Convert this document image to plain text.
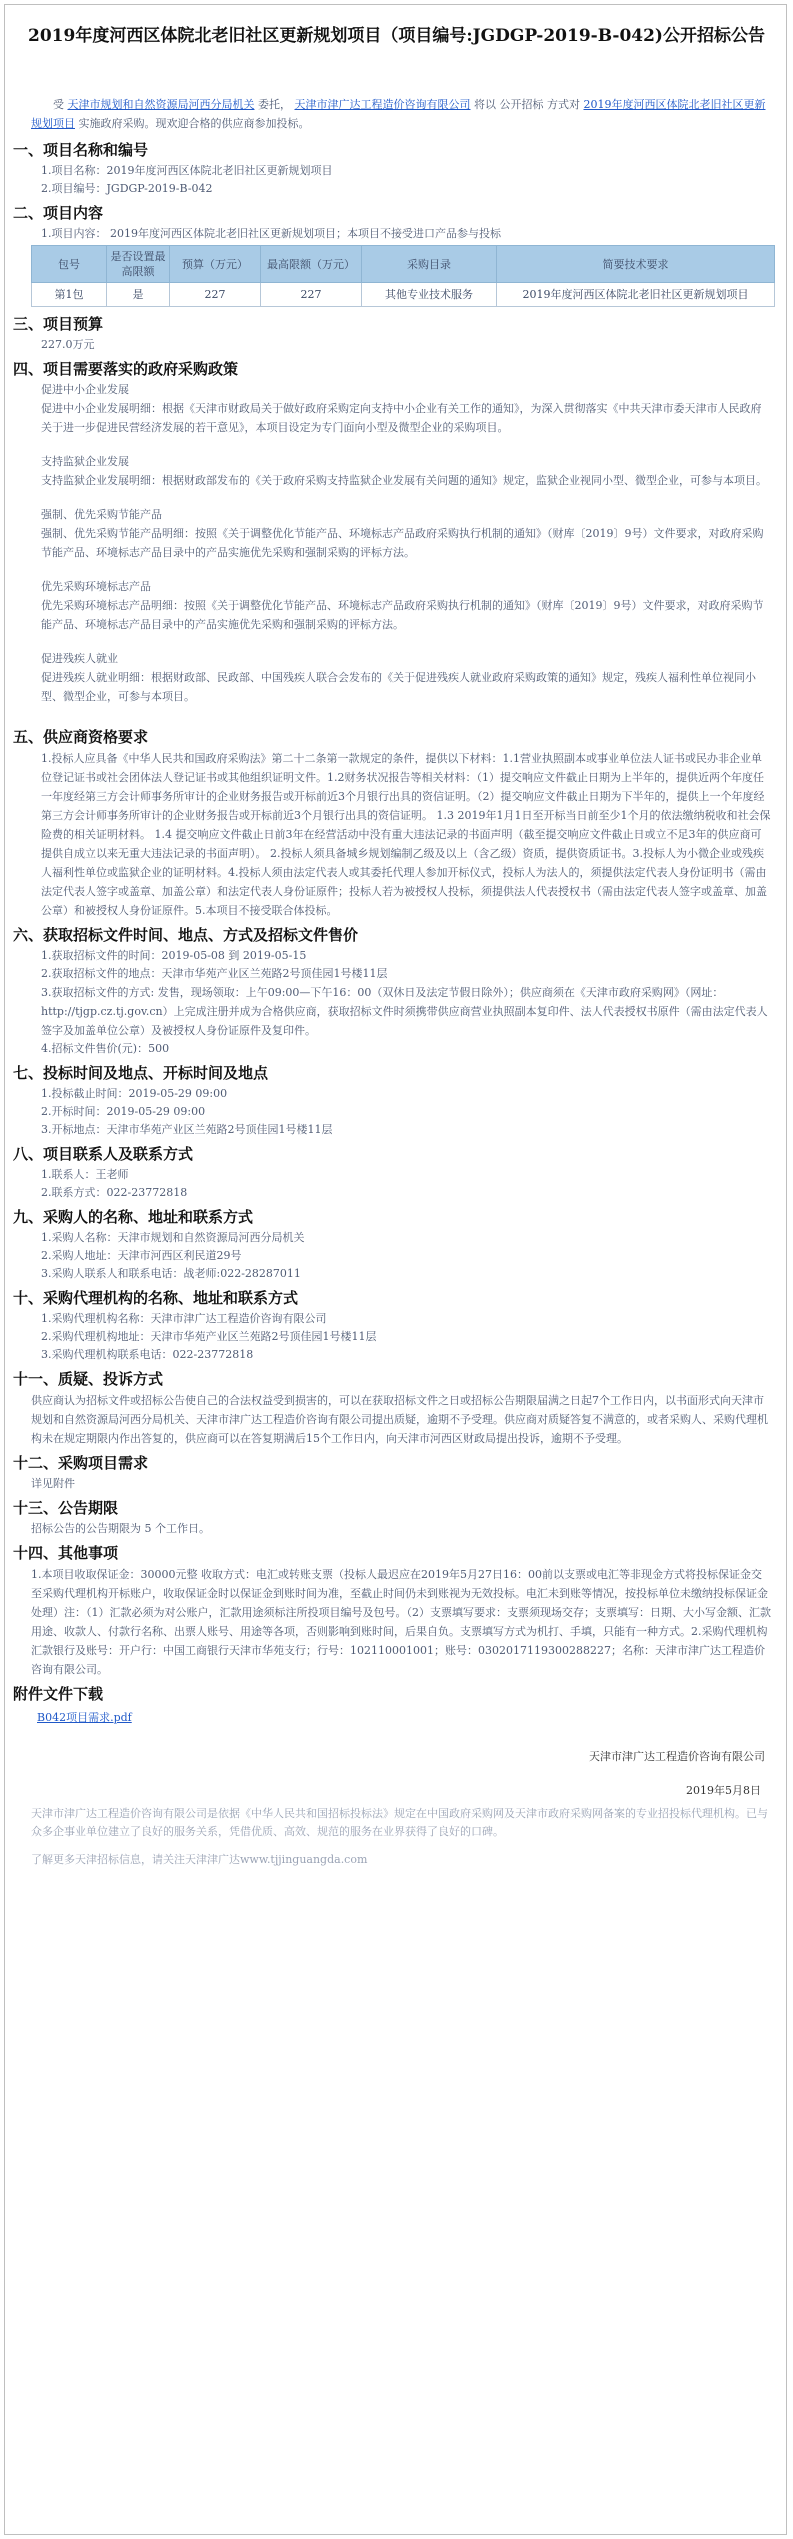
2019年度河西区体院北老旧社区更新规划项目（项目编号:JGDGP-2019-B-042)公开招标公告

受 天津市规划和自然资源局河西分局机关 委托， 天津市津广达工程造价咨询有限公司 将以 公开招标 方式对 2019年度河西区体院北老旧社区更新规划项目 实施政府采购。现欢迎合格的供应商参加投标。

一、项目名称和编号

1.项目名称：2019年度河西区体院北老旧社区更新规划项目

2.项目编号：JGDGP-2019-B-042

二、项目内容

1.项目内容： 2019年度河西区体院北老旧社区更新规划项目；本项目不接受进口产品参与投标

包号	是否设置最高限额	预算（万元）	最高限额（万元）	采购目录	简要技术要求
第1包	是	227	227	其他专业技术服务	2019年度河西区体院北老旧社区更新规划项目
三、项目预算

227.0万元

四、项目需要落实的政府采购政策

促进中小企业发展

促进中小企业发展明细：根据《天津市财政局关于做好政府采购定向支持中小企业有关工作的通知》，为深入贯彻落实《中共天津市委天津市人民政府关于进一步促进民营经济发展的若干意见》，本项目设定为专门面向小型及微型企业的采购项目。

支持监狱企业发展

支持监狱企业发展明细：根据财政部发布的《关于政府采购支持监狱企业发展有关问题的通知》规定，监狱企业视同小型、微型企业，可参与本项目。

强制、优先采购节能产品

强制、优先采购节能产品明细：按照《关于调整优化节能产品、环境标志产品政府采购执行机制的通知》（财库〔2019〕9号）文件要求，对政府采购节能产品、环境标志产品目录中的产品实施优先采购和强制采购的评标方法。

优先采购环境标志产品

优先采购环境标志产品明细：按照《关于调整优化节能产品、环境标志产品政府采购执行机制的通知》（财库〔2019〕9号）文件要求，对政府采购节能产品、环境标志产品目录中的产品实施优先采购和强制采购的评标方法。

促进残疾人就业

促进残疾人就业明细：根据财政部、民政部、中国残疾人联合会发布的《关于促进残疾人就业政府采购政策的通知》规定，残疾人福利性单位视同小型、微型企业，可参与本项目。

五、供应商资格要求

1.投标人应具备《中华人民共和国政府采购法》第二十二条第一款规定的条件，提供以下材料：1.1营业执照副本或事业单位法人证书或民办非企业单位登记证书或社会团体法人登记证书或其他组织证明文件。1.2财务状况报告等相关材料：（1）提交响应文件截止日期为上半年的，提供近两个年度任一年度经第三方会计师事务所审计的企业财务报告或开标前近3个月银行出具的资信证明。（2）提交响应文件截止日期为下半年的，提供上一个年度经第三方会计师事务所审计的企业财务报告或开标前近3个月银行出具的资信证明。 1.3 2019年1月1日至开标当日前至少1个月的依法缴纳税收和社会保险费的相关证明材料。 1.4 提交响应文件截止日前3年在经营活动中没有重大违法记录的书面声明（截至提交响应文件截止日或立不足3年的供应商可提供自成立以来无重大违法记录的书面声明）。 2.投标人须具备城乡规划编制乙级及以上（含乙级）资质，提供资质证书。3.投标人为小微企业或残疾人福利性单位或监狱企业的证明材料。4.投标人须由法定代表人或其委托代理人参加开标仪式，投标人为法人的，须提供法定代表人身份证明书（需由法定代表人签字或盖章、加盖公章）和法定代表人身份证原件；投标人若为被授权人投标，须提供法人代表授权书（需由法定代表人签字或盖章、加盖公章）和被授权人身份证原件。5.本项目不接受联合体投标。

六、获取招标文件时间、地点、方式及招标文件售价

1.获取招标文件的时间：2019-05-08 到 2019-05-15

2.获取招标文件的地点：天津市华苑产业区兰苑路2号顶佳园1号楼11层

3.获取招标文件的方式: 发售，现场领取：上午09:00—下午16：00（双休日及法定节假日除外）；供应商须在《天津市政府采购网》（网址：http://tjgp.cz.tj.gov.cn）上完成注册并成为合格供应商，获取招标文件时须携带供应商营业执照副本复印件、法人代表授权书原件（需由法定代表人签字及加盖单位公章）及被授权人身份证原件及复印件。

4.招标文件售价(元)：500

七、投标时间及地点、开标时间及地点

1.投标截止时间：2019-05-29 09:00

2.开标时间：2019-05-29 09:00

3.开标地点：天津市华苑产业区兰苑路2号顶佳园1号楼11层

八、项目联系人及联系方式

1.联系人：王老师

2.联系方式：022-23772818

九、采购人的名称、地址和联系方式

1.采购人名称：天津市规划和自然资源局河西分局机关

2.采购人地址：天津市河西区利民道29号

3.采购人联系人和联系电话：战老师:022-28287011

十、采购代理机构的名称、地址和联系方式

1.采购代理机构名称：天津市津广达工程造价咨询有限公司

2.采购代理机构地址：天津市华苑产业区兰苑路2号顶佳园1号楼11层

3.采购代理机构联系电话：022-23772818

十一、质疑、投诉方式

供应商认为招标文件或招标公告使自己的合法权益受到损害的，可以在获取招标文件之日或招标公告期限届满之日起7个工作日内，以书面形式向天津市规划和自然资源局河西分局机关、天津市津广达工程造价咨询有限公司提出质疑，逾期不予受理。供应商对质疑答复不满意的，或者采购人、采购代理机构未在规定期限内作出答复的，供应商可以在答复期满后15个工作日内，向天津市河西区财政局提出投诉，逾期不予受理。

十二、采购项目需求

详见附件

十三、公告期限

招标公告的公告期限为 5 个工作日。

十四、其他事项

1.本项目收取保证金：30000元整 收取方式：电汇或转账支票（投标人最迟应在2019年5月27日16：00前以支票或电汇等非现金方式将投标保证金交至采购代理机构开标账户，收取保证金时以保证金到账时间为准，至截止时间仍未到账视为无效投标。电汇未到账等情况，按投标单位未缴纳投标保证金处理）注：（1）汇款必须为对公账户，汇款用途须标注所投项目编号及包号。（2）支票填写要求：支票须现场交存；支票填写：日期、大小写金额、汇款用途、收款人、付款行名称、出票人账号、用途等各项，否则影响到账时间，后果自负。支票填写方式为机打、手填，只能有一种方式。2.采购代理机构汇款银行及账号：开户行：中国工商银行天津市华苑支行；行号：102110001001；账号：0302017119300288227；名称：天津市津广达工程造价咨询有限公司。

附件文件下载
B042项目需求.pdf
天津市津广达工程造价咨询有限公司
2019年5月8日

天津市津广达工程造价咨询有限公司是依据《中华人民共和国招标投标法》规定在中国政府采购网及天津市政府采购网备案的专业招投标代理机构。已与众多企事业单位建立了良好的服务关系，凭借优质、高效、规范的服务在业界获得了良好的口碑。

了解更多天津招标信息，请关注天津津广达www.tjjinguangda.com
